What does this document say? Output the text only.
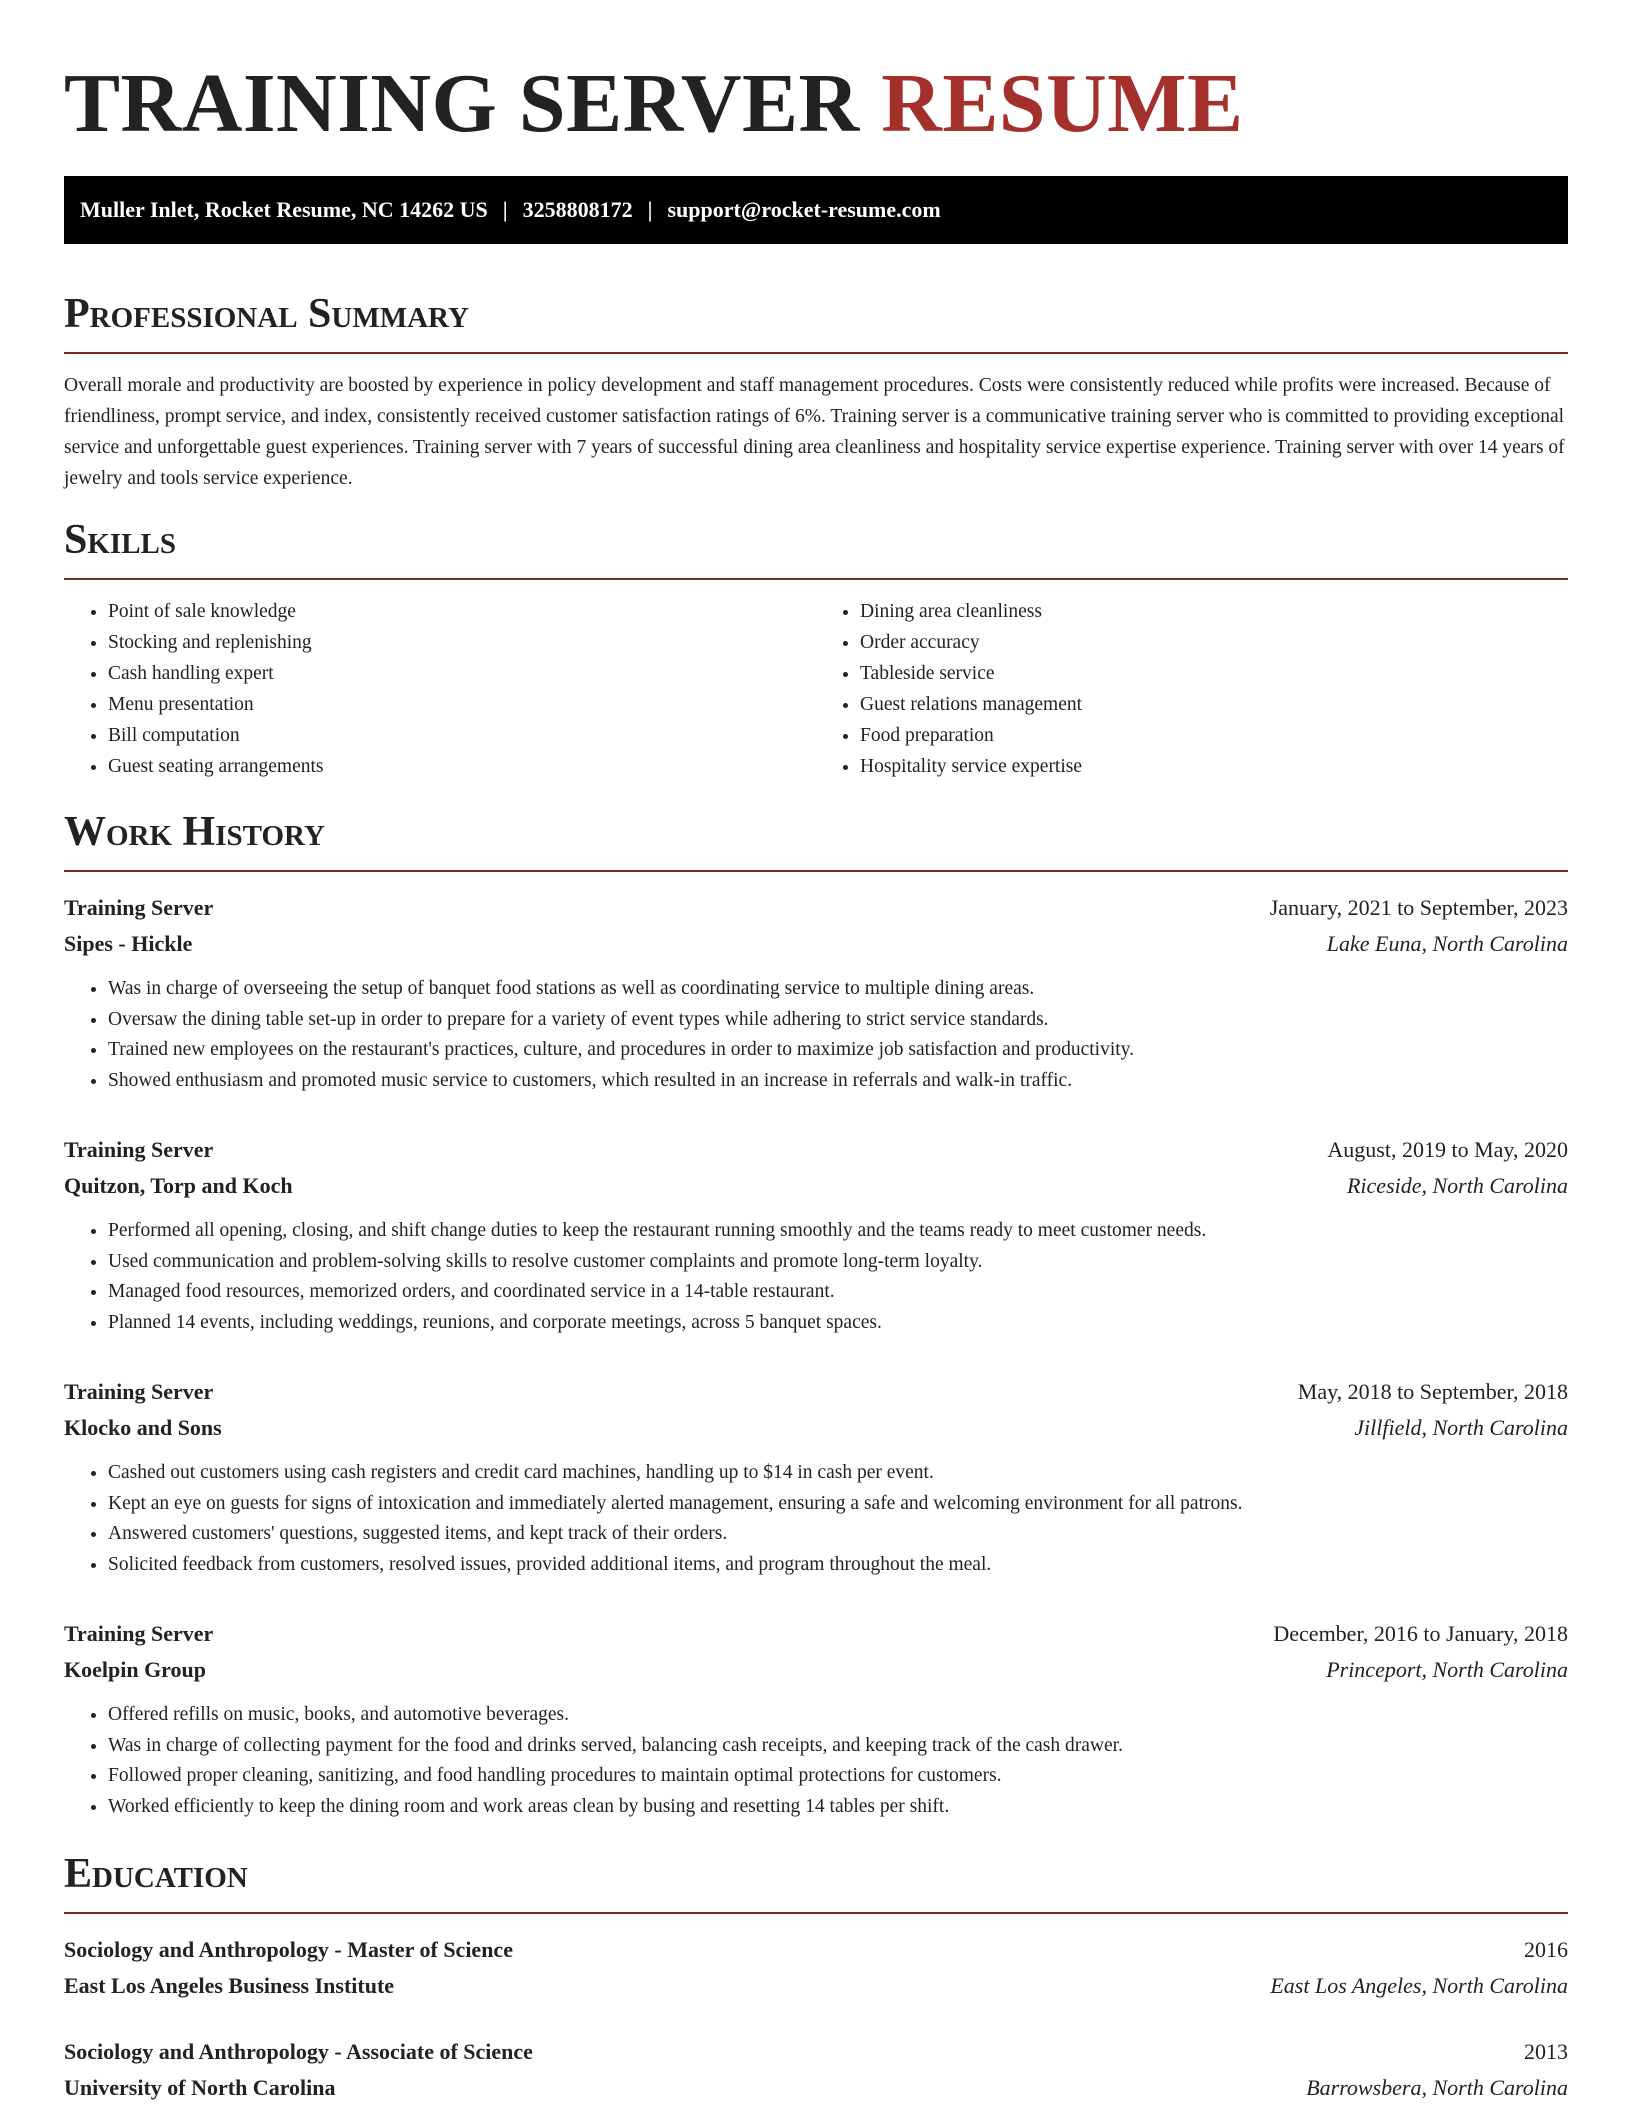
TRAINING SERVER RESUME
Muller Inlet, Rocket Resume, NC 14262 US | 3258808172 | support@rocket-resume.com
Professional Summary

Overall morale and productivity are boosted by experience in policy development and staff management procedures. Costs were consistently reduced while profits were increased. Because of friendliness, prompt service, and index, consistently received customer satisfaction ratings of 6%. Training server is a communicative training server who is committed to providing exceptional service and unforgettable guest experiences. Training server with 7 years of successful dining area cleanliness and hospitality service expertise experience. Training server with over 14 years of jewelry and tools service experience.

Skills
• Point of sale knowledge
• Stocking and replenishing
• Cash handling expert
• Menu presentation
• Bill computation
• Guest seating arrangements
• Dining area cleanliness
• Order accuracy
• Tableside service
• Guest relations management
• Food preparation
• Hospitality service expertise
Work History
Training Server	January, 2021 to September, 2023
Sipes - Hickle	Lake Euna, North Carolina
• Was in charge of overseeing the setup of banquet food stations as well as coordinating service to multiple dining areas.
• Oversaw the dining table set-up in order to prepare for a variety of event types while adhering to strict service standards.
• Trained new employees on the restaurant's practices, culture, and procedures in order to maximize job satisfaction and productivity.
• Showed enthusiasm and promoted music service to customers, which resulted in an increase in referrals and walk-in traffic.
Training Server	August, 2019 to May, 2020
Quitzon, Torp and Koch	Riceside, North Carolina
• Performed all opening, closing, and shift change duties to keep the restaurant running smoothly and the teams ready to meet customer needs.
• Used communication and problem-solving skills to resolve customer complaints and promote long-term loyalty.
• Managed food resources, memorized orders, and coordinated service in a 14-table restaurant.
• Planned 14 events, including weddings, reunions, and corporate meetings, across 5 banquet spaces.
Training Server	May, 2018 to September, 2018
Klocko and Sons	Jillfield, North Carolina
• Cashed out customers using cash registers and credit card machines, handling up to $14 in cash per event.
• Kept an eye on guests for signs of intoxication and immediately alerted management, ensuring a safe and welcoming environment for all patrons.
• Answered customers' questions, suggested items, and kept track of their orders.
• Solicited feedback from customers, resolved issues, provided additional items, and program throughout the meal.
Training Server	December, 2016 to January, 2018
Koelpin Group	Princeport, North Carolina
• Offered refills on music, books, and automotive beverages.
• Was in charge of collecting payment for the food and drinks served, balancing cash receipts, and keeping track of the cash drawer.
• Followed proper cleaning, sanitizing, and food handling procedures to maintain optimal protections for customers.
• Worked efficiently to keep the dining room and work areas clean by busing and resetting 14 tables per shift.
Education
Sociology and Anthropology - Master of Science	2016
East Los Angeles Business Institute	East Los Angeles, North Carolina
Sociology and Anthropology - Associate of Science	2013
University of North Carolina	Barrowsbera, North Carolina
